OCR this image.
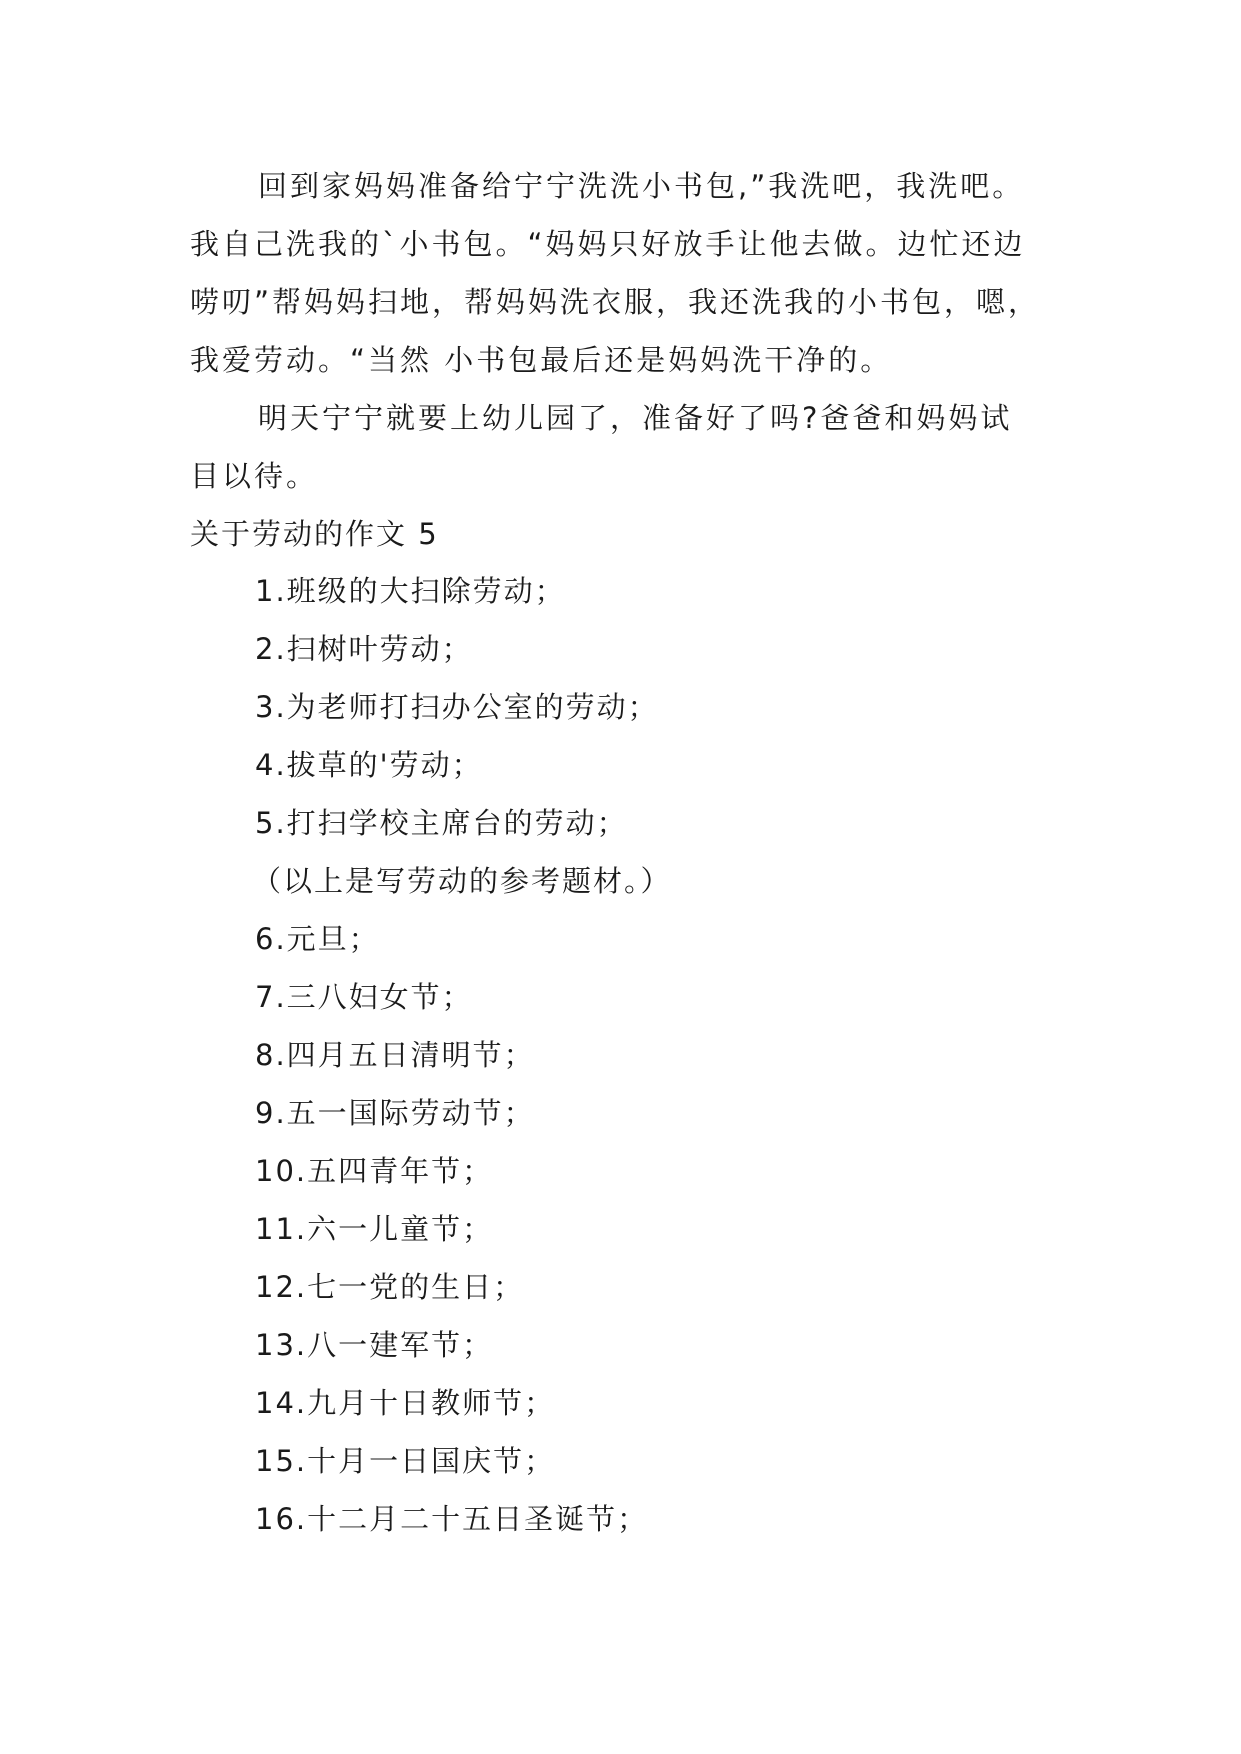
回到家妈妈准备给宁宁洗洗小书包,”我洗吧，我洗吧。
我自己洗我的`小书包。“妈妈只好放手让他去做。边忙还边
唠叨”帮妈妈扫地，帮妈妈洗衣服，我还洗我的小书包，嗯，
我爱劳动。“当然 小书包最后还是妈妈洗干净的。
明天宁宁就要上幼儿园了，准备好了吗?爸爸和妈妈试
目以待。
关于劳动的作文 5
1.班级的大扫除劳动；
2.扫树叶劳动；
3.为老师打扫办公室的劳动；
4.拔草的'劳动；
5.打扫学校主席台的劳动；
（以上是写劳动的参考题材。）
6.元旦；
7.三八妇女节；
8.四月五日清明节；
9.五一国际劳动节；
10.五四青年节；
11.六一儿童节；
12.七一党的生日；
13.八一建军节；
14.九月十日教师节；
15.十月一日国庆节；
16.十二月二十五日圣诞节；
